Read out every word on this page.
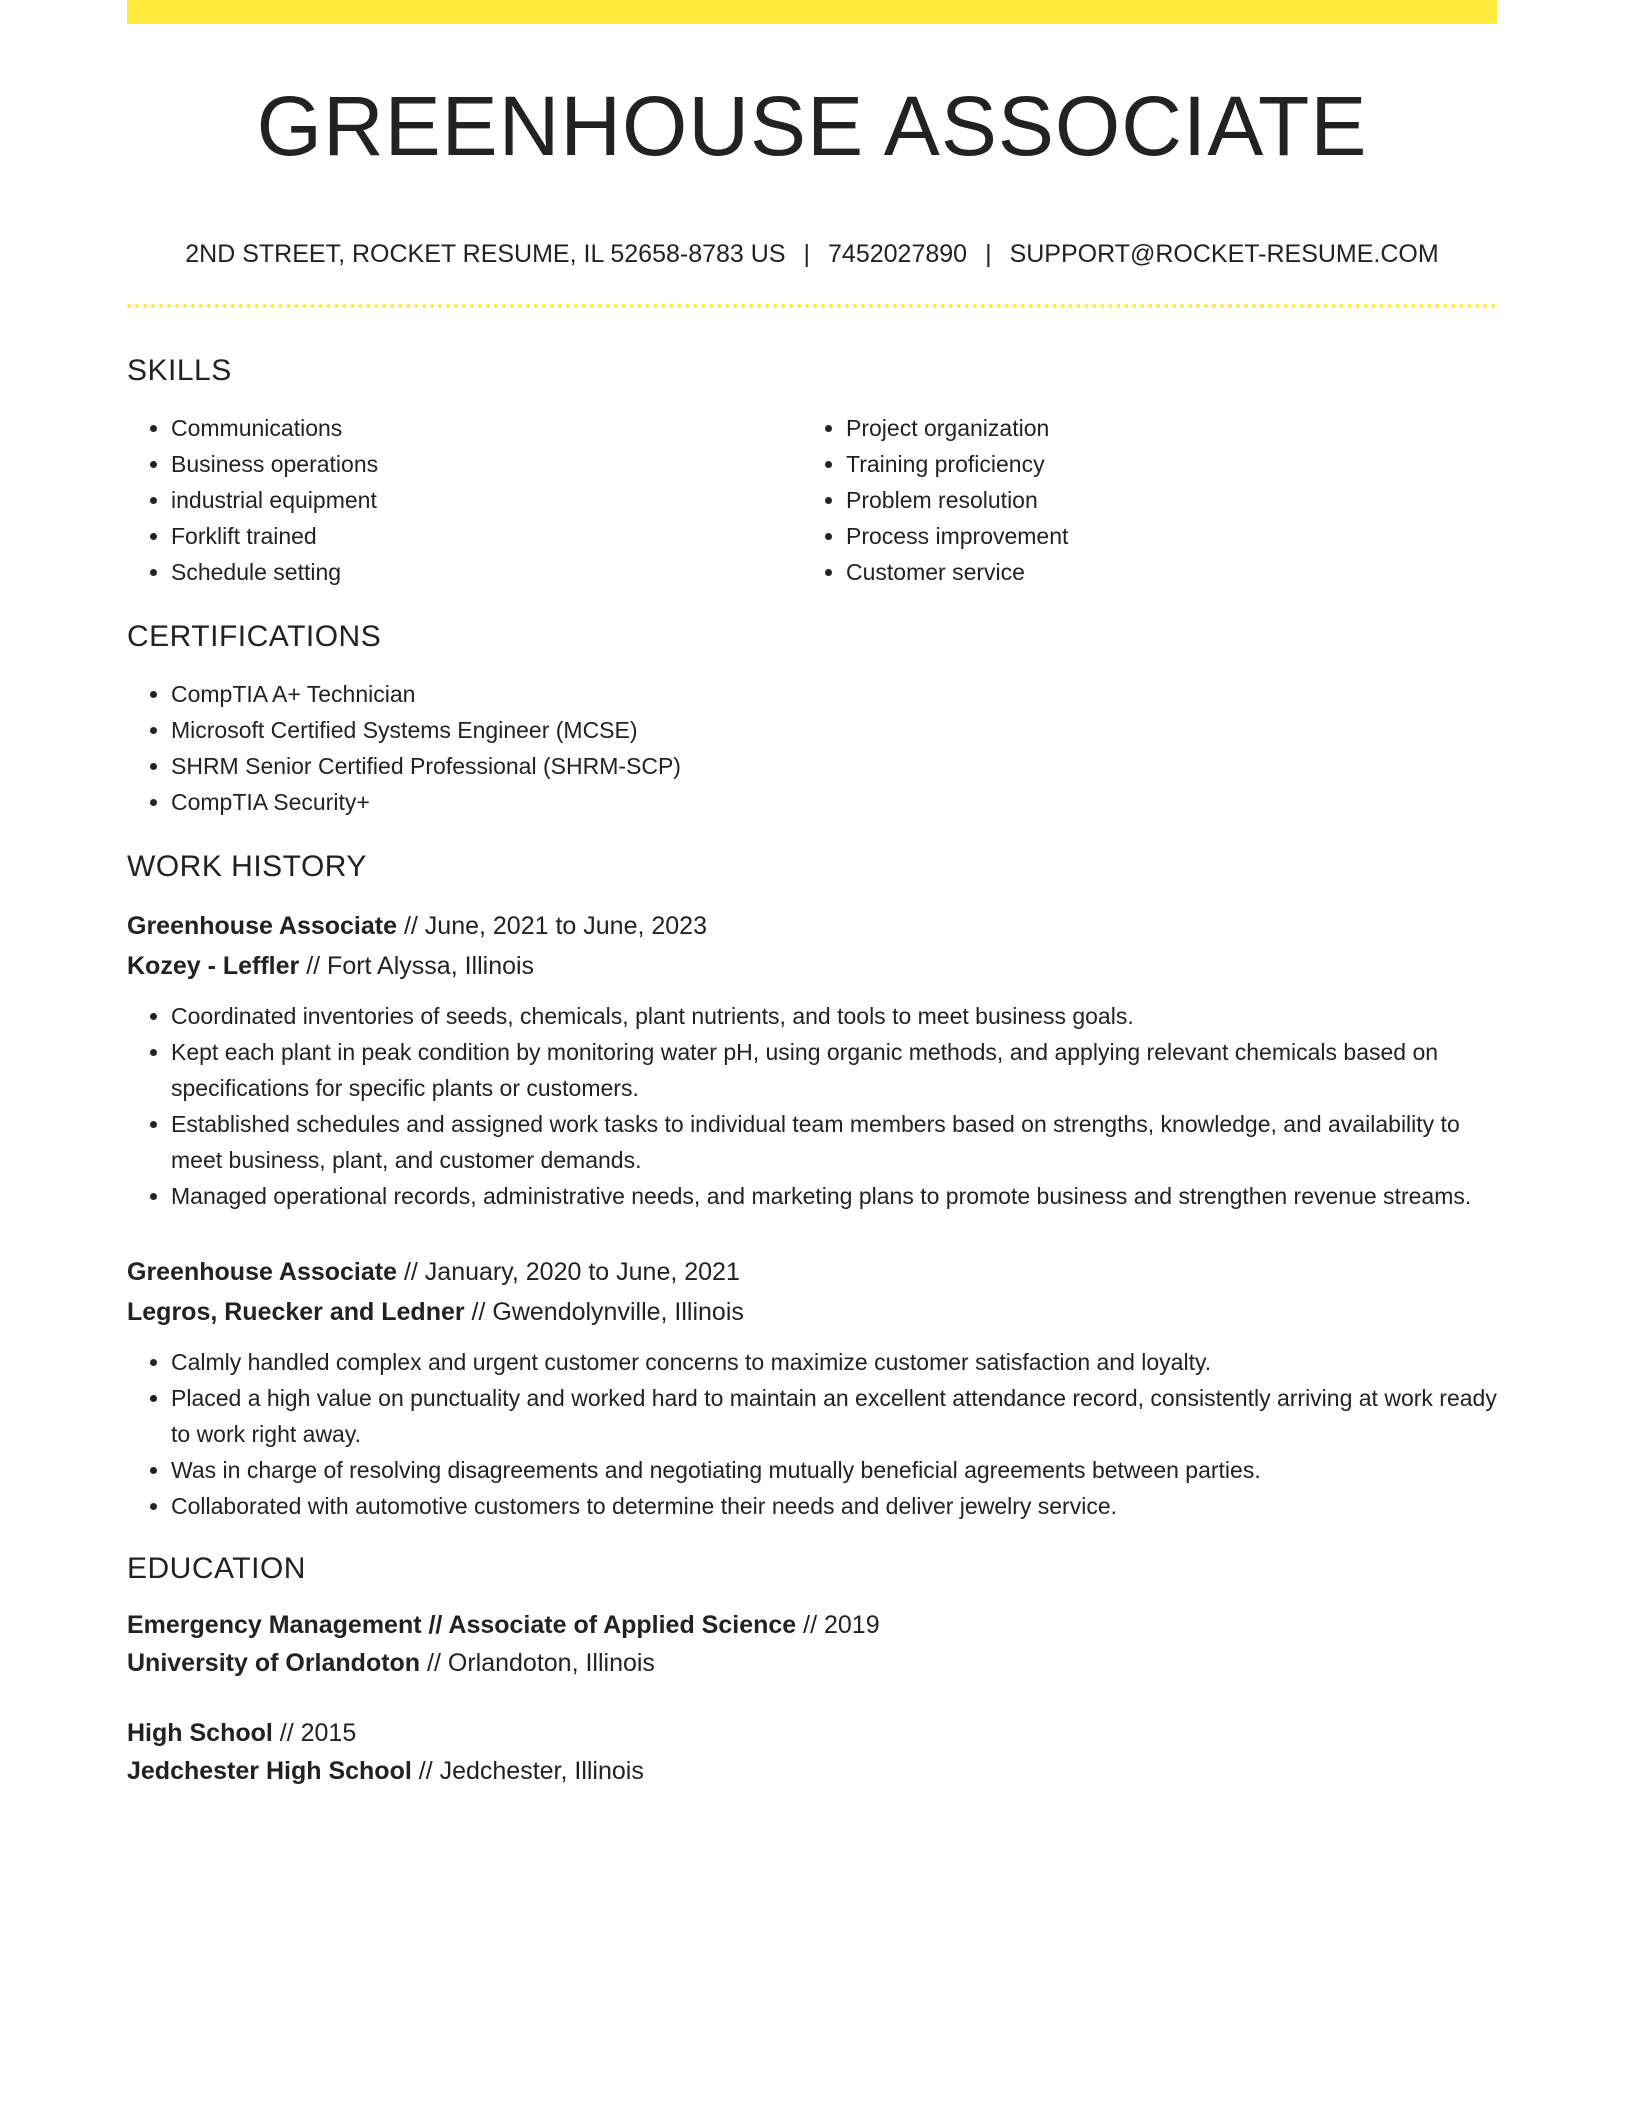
GREENHOUSE ASSOCIATE
2ND STREET, ROCKET RESUME, IL 52658-8783 US | 7452027890 | SUPPORT@ROCKET-RESUME.COM
SKILLS
• Communications
• Business operations
• industrial equipment
• Forklift trained
• Schedule setting
• Project organization
• Training proficiency
• Problem resolution
• Process improvement
• Customer service
CERTIFICATIONS
• CompTIA A+ Technician
• Microsoft Certified Systems Engineer (MCSE)
• SHRM Senior Certified Professional (SHRM-SCP)
• CompTIA Security+
WORK HISTORY
Greenhouse Associate // June, 2021 to June, 2023
Kozey - Leffler // Fort Alyssa, Illinois
• Coordinated inventories of seeds, chemicals, plant nutrients, and tools to meet business goals.
• Kept each plant in peak condition by monitoring water pH, using organic methods, and applying relevant chemicals based on specifications for specific plants or customers.
• Established schedules and assigned work tasks to individual team members based on strengths, knowledge, and availability to meet business, plant, and customer demands.
• Managed operational records, administrative needs, and marketing plans to promote business and strengthen revenue streams.
Greenhouse Associate // January, 2020 to June, 2021
Legros, Ruecker and Ledner // Gwendolynville, Illinois
• Calmly handled complex and urgent customer concerns to maximize customer satisfaction and loyalty.
• Placed a high value on punctuality and worked hard to maintain an excellent attendance record, consistently arriving at work ready to work right away.
• Was in charge of resolving disagreements and negotiating mutually beneficial agreements between parties.
• Collaborated with automotive customers to determine their needs and deliver jewelry service.
EDUCATION
Emergency Management // Associate of Applied Science // 2019
University of Orlandoton // Orlandoton, Illinois
High School // 2015
Jedchester High School // Jedchester, Illinois
